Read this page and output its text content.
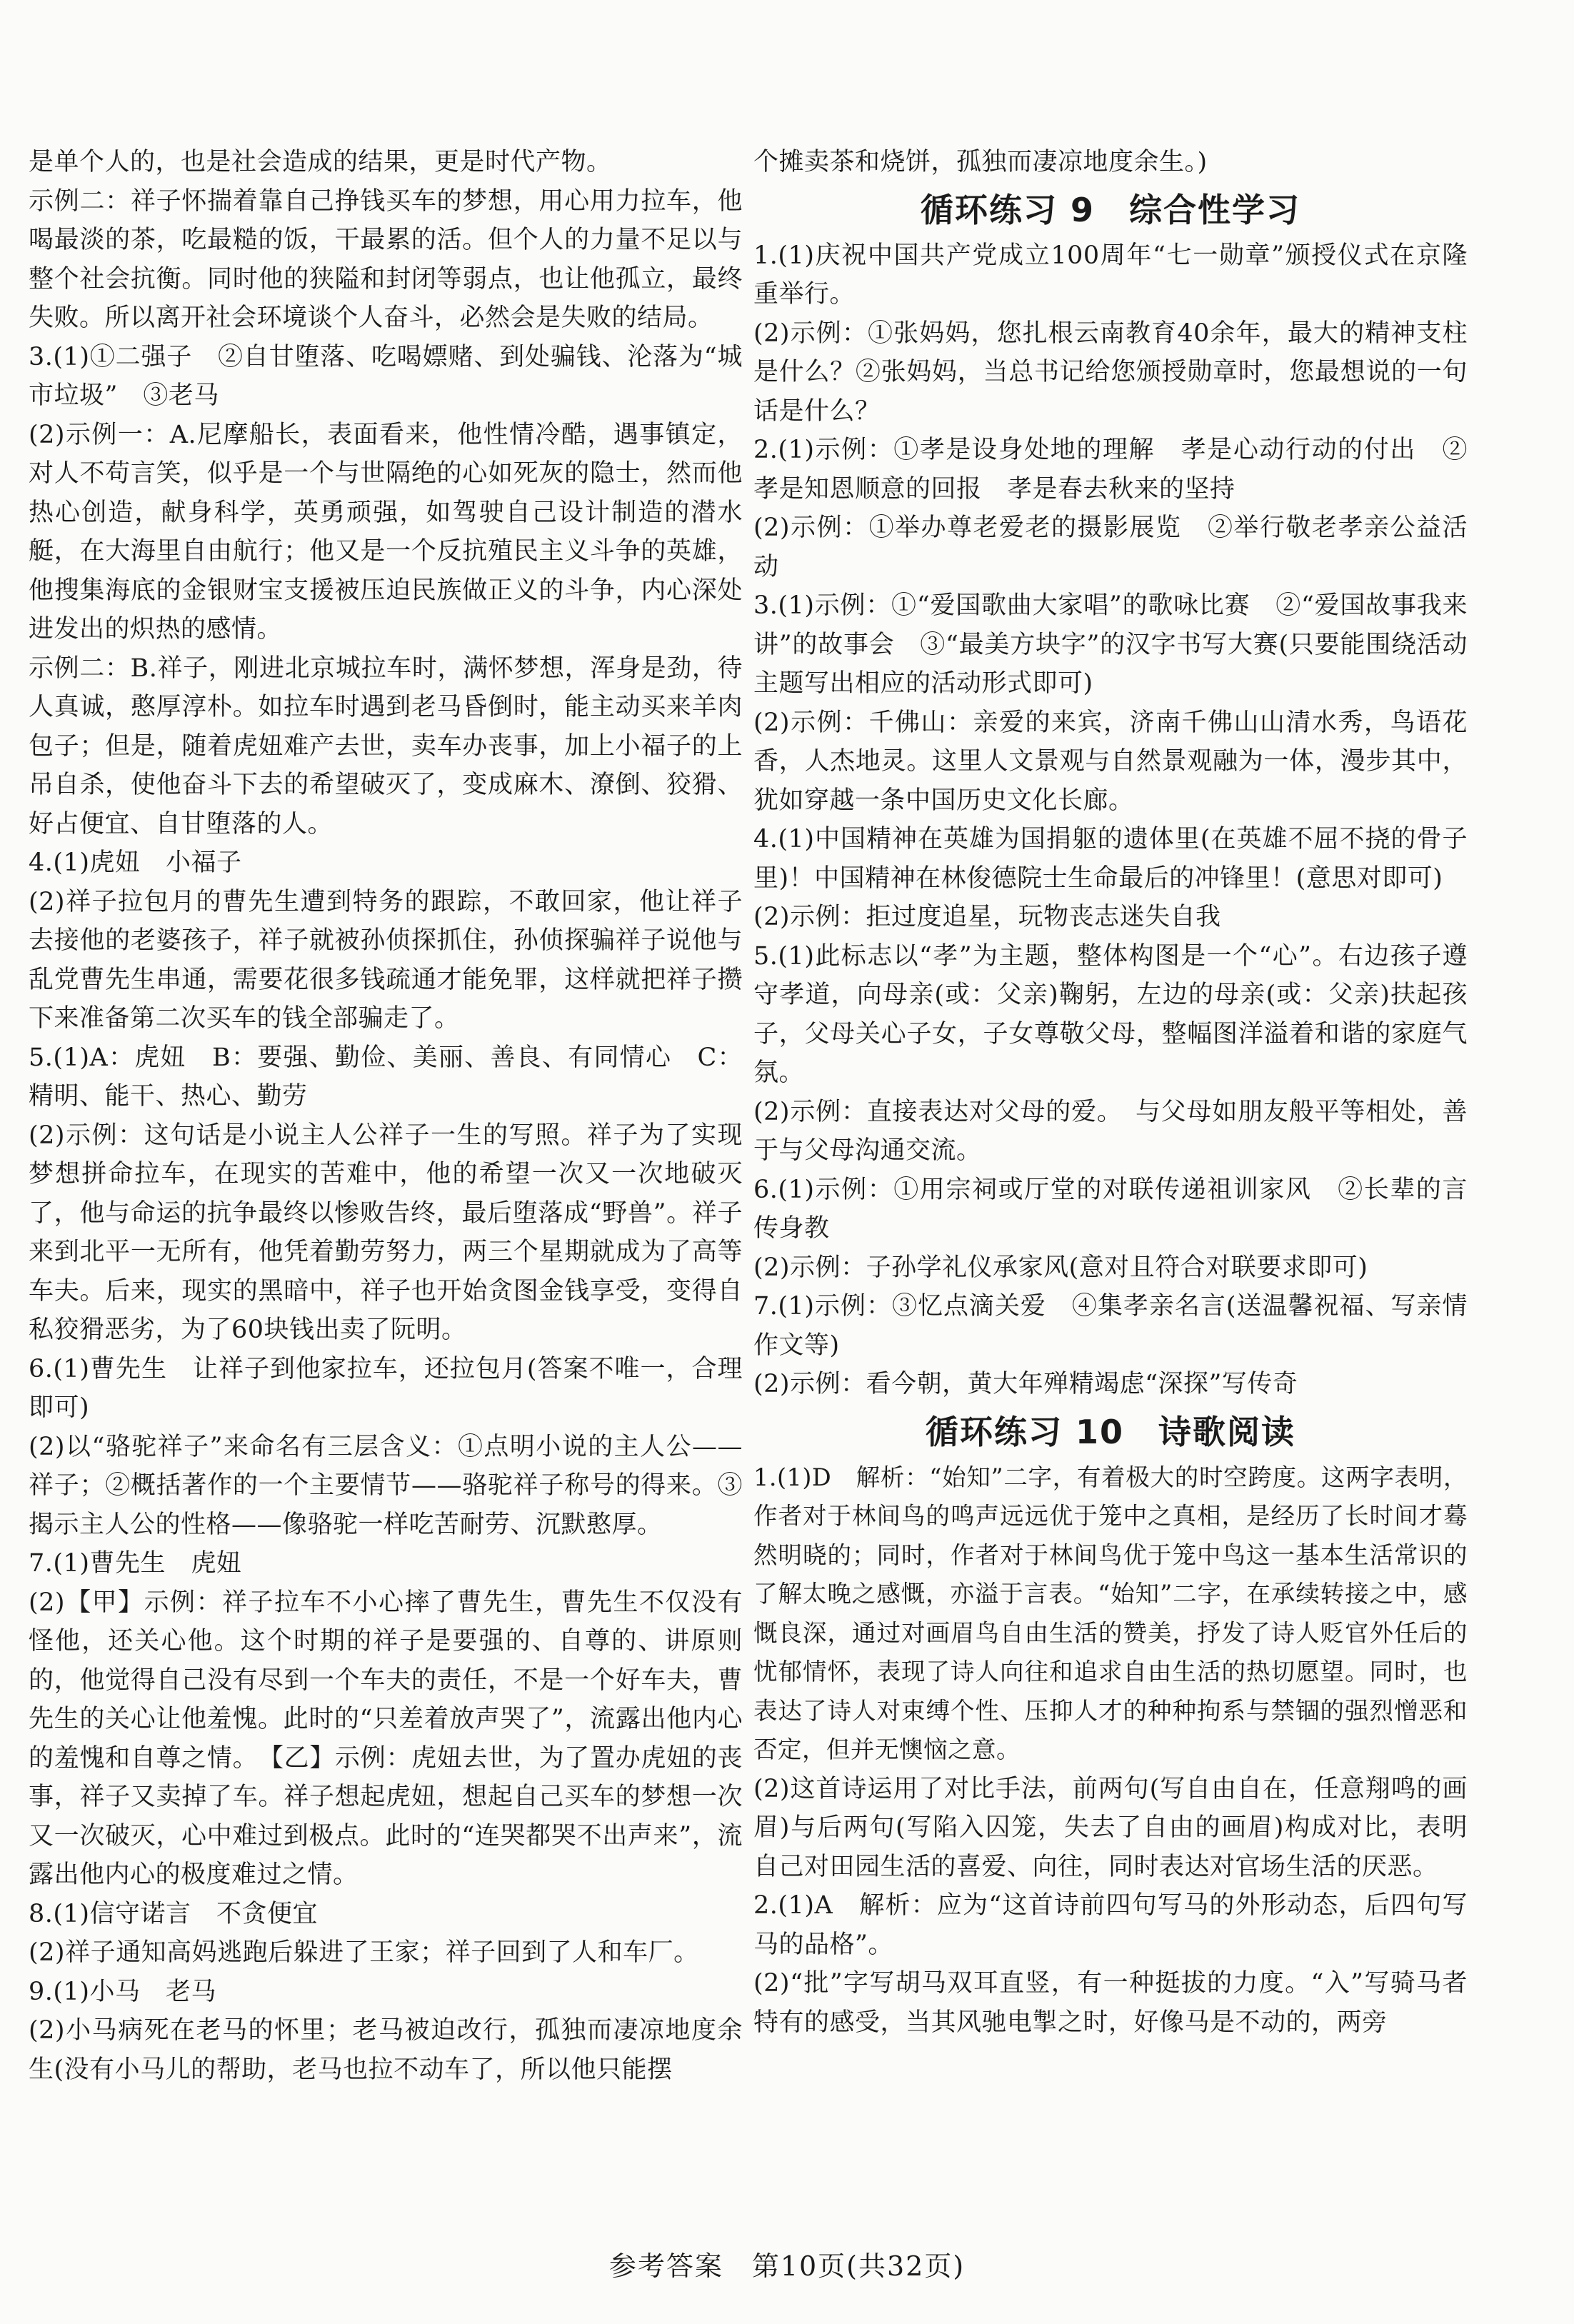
是单个人的，也是社会造成的结果，更是时代产物。

示例二：祥子怀揣着靠自己挣钱买车的梦想，用心用力拉车，他喝最淡的茶，吃最糙的饭，干最累的活。但个人的力量不足以与整个社会抗衡。同时他的狭隘和封闭等弱点，也让他孤立，最终失败。所以离开社会环境谈个人奋斗，必然会是失败的结局。

3.(1)①二强子　②自甘堕落、吃喝嫖赌、到处骗钱、沦落为“城市垃圾”　③老马

(2)示例一：A.尼摩船长，表面看来，他性情冷酷，遇事镇定，对人不苟言笑，似乎是一个与世隔绝的心如死灰的隐士，然而他热心创造，献身科学，英勇顽强，如驾驶自己设计制造的潜水艇，在大海里自由航行；他又是一个反抗殖民主义斗争的英雄，他搜集海底的金银财宝支援被压迫民族做正义的斗争，内心深处进发出的炽热的感情。

示例二：B.祥子，刚进北京城拉车时，满怀梦想，浑身是劲，待人真诚，憨厚淳朴。如拉车时遇到老马昏倒时，能主动买来羊肉包子；但是，随着虎妞难产去世，卖车办丧事，加上小福子的上吊自杀，使他奋斗下去的希望破灭了，变成麻木、潦倒、狡猾、好占便宜、自甘堕落的人。

4.(1)虎妞　小福子

(2)祥子拉包月的曹先生遭到特务的跟踪，不敢回家，他让祥子去接他的老婆孩子，祥子就被孙侦探抓住，孙侦探骗祥子说他与乱党曹先生串通，需要花很多钱疏通才能免罪，这样就把祥子攒下来准备第二次买车的钱全部骗走了。

5.(1)A：虎妞　B：要强、勤俭、美丽、善良、有同情心　C：精明、能干、热心、勤劳

(2)示例：这句话是小说主人公祥子一生的写照。祥子为了实现梦想拼命拉车，在现实的苦难中，他的希望一次又一次地破灭了，他与命运的抗争最终以惨败告终，最后堕落成“野兽”。祥子来到北平一无所有，他凭着勤劳努力，两三个星期就成为了高等车夫。后来，现实的黑暗中，祥子也开始贪图金钱享受，变得自私狡猾恶劣，为了60块钱出卖了阮明。

6.(1)曹先生　让祥子到他家拉车，还拉包月(答案不唯一，合理即可)

(2)以“骆驼祥子”来命名有三层含义：①点明小说的主人公——祥子；②概括著作的一个主要情节——骆驼祥子称号的得来。③揭示主人公的性格——像骆驼一样吃苦耐劳、沉默憨厚。

7.(1)曹先生　虎妞

(2)【甲】示例：祥子拉车不小心摔了曹先生，曹先生不仅没有怪他，还关心他。这个时期的祥子是要强的、自尊的、讲原则的，他觉得自己没有尽到一个车夫的责任，不是一个好车夫，曹先生的关心让他羞愧。此时的“只差着放声哭了”，流露出他内心的羞愧和自尊之情。　【乙】示例：虎妞去世，为了置办虎妞的丧事，祥子又卖掉了车。祥子想起虎妞，想起自己买车的梦想一次又一次破灭，心中难过到极点。此时的“连哭都哭不出声来”，流露出他内心的极度难过之情。

8.(1)信守诺言　不贪便宜

(2)祥子通知高妈逃跑后躲进了王家；祥子回到了人和车厂。

9.(1)小马　老马

(2)小马病死在老马的怀里；老马被迫改行，孤独而凄凉地度余生(没有小马儿的帮助，老马也拉不动车了，所以他只能摆

个摊卖茶和烧饼，孤独而凄凉地度余生。)

循环练习 9　综合性学习

1.(1)庆祝中国共产党成立100周年“七一勋章”颁授仪式在京隆重举行。

(2)示例：①张妈妈，您扎根云南教育40余年，最大的精神支柱是什么？②张妈妈，当总书记给您颁授勋章时，您最想说的一句话是什么？

2.(1)示例：①孝是设身处地的理解　孝是心动行动的付出　②孝是知恩顺意的回报　孝是春去秋来的坚持

(2)示例：①举办尊老爱老的摄影展览　②举行敬老孝亲公益活动

3.(1)示例：①“爱国歌曲大家唱”的歌咏比赛　②“爱国故事我来讲”的故事会　③“最美方块字”的汉字书写大赛(只要能围绕活动主题写出相应的活动形式即可)

(2)示例：千佛山：亲爱的来宾，济南千佛山山清水秀，鸟语花香，人杰地灵。这里人文景观与自然景观融为一体，漫步其中，犹如穿越一条中国历史文化长廊。

4.(1)中国精神在英雄为国捐躯的遗体里(在英雄不屈不挠的骨子里)！中国精神在林俊德院士生命最后的冲锋里！(意思对即可)

(2)示例：拒过度追星，玩物丧志迷失自我

5.(1)此标志以“孝”为主题，整体构图是一个“心”。右边孩子遵守孝道，向母亲(或：父亲)鞠躬，左边的母亲(或：父亲)扶起孩子，父母关心子女，子女尊敬父母，整幅图洋溢着和谐的家庭气氛。

(2)示例：直接表达对父母的爱。　与父母如朋友般平等相处，善于与父母沟通交流。

6.(1)示例：①用宗祠或厅堂的对联传递祖训家风　②长辈的言传身教

(2)示例：子孙学礼仪承家风(意对且符合对联要求即可)

7.(1)示例：③忆点滴关爱　④集孝亲名言(送温馨祝福、写亲情作文等)

(2)示例：看今朝，黄大年殚精竭虑“深探”写传奇

循环练习 10　诗歌阅读

1.(1)D　解析：“始知”二字，有着极大的时空跨度。这两字表明，作者对于林间鸟的鸣声远远优于笼中之真相，是经历了长时间才蓦然明晓的；同时，作者对于林间鸟优于笼中鸟这一基本生活常识的了解太晚之感慨，亦溢于言表。“始知”二字，在承续转接之中，感慨良深，通过对画眉鸟自由生活的赞美，抒发了诗人贬官外任后的忧郁情怀，表现了诗人向往和追求自由生活的热切愿望。同时，也表达了诗人对束缚个性、压抑人才的种种拘系与禁锢的强烈憎恶和否定，但并无懊恼之意。

(2)这首诗运用了对比手法，前两句(写自由自在，任意翔鸣的画眉)与后两句(写陷入囚笼，失去了自由的画眉)构成对比，表明自己对田园生活的喜爱、向往，同时表达对官场生活的厌恶。

2.(1)A　解析：应为“这首诗前四句写马的外形动态，后四句写马的品格”。

(2)“批”字写胡马双耳直竖，有一种挺拔的力度。“入”写骑马者特有的感受，当其风驰电掣之时，好像马是不动的，两旁

参考答案　第10页(共32页)
